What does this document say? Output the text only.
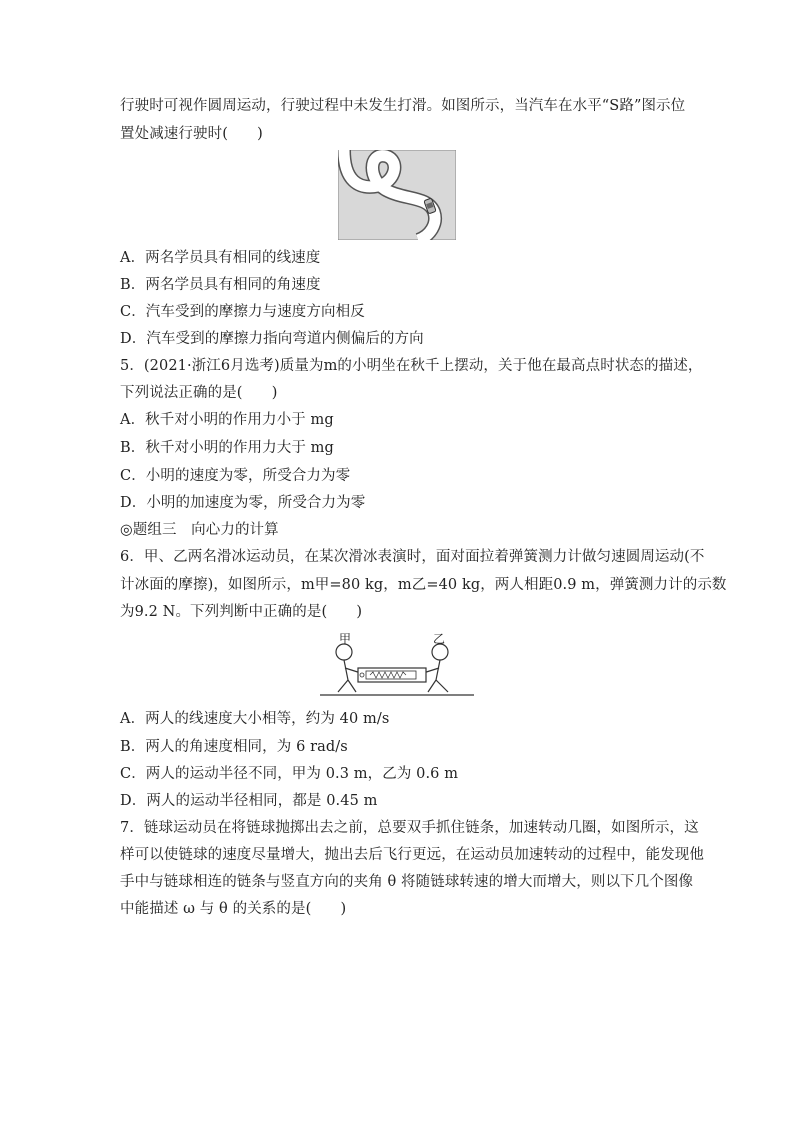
行驶时可视作圆周运动，行驶过程中未发生打滑。如图所示，当汽车在水平“S路”图示位
置处减速行驶时(　　)
A．两名学员具有相同的线速度
B．两名学员具有相同的角速度
C．汽车受到的摩擦力与速度方向相反
D．汽车受到的摩擦力指向弯道内侧偏后的方向
5．(2021·浙江6月选考)质量为m的小明坐在秋千上摆动，关于他在最高点时状态的描述，
下列说法正确的是(　　)
A．秋千对小明的作用力小于 mg
B．秋千对小明的作用力大于 mg
C．小明的速度为零，所受合力为零
D．小明的加速度为零，所受合力为零
◎题组三　向心力的计算
6．甲、乙两名滑冰运动员，在某次滑冰表演时，面对面拉着弹簧测力计做匀速圆周运动(不
计冰面的摩擦)，如图所示，m甲=80 kg，m乙=40 kg，两人相距0.9 m，弹簧测力计的示数
为9.2 N。下列判断中正确的是(　　)
甲	乙
A．两人的线速度大小相等，约为 40 m/s
B．两人的角速度相同，为 6 rad/s
C．两人的运动半径不同，甲为 0.3 m，乙为 0.6 m
D．两人的运动半径相同，都是 0.45 m
7．链球运动员在将链球抛掷出去之前，总要双手抓住链条，加速转动几圈，如图所示，这
样可以使链球的速度尽量增大，抛出去后飞行更远，在运动员加速转动的过程中，能发现他
手中与链球相连的链条与竖直方向的夹角 θ 将随链球转速的增大而增大，则以下几个图像
中能描述 ω 与 θ 的关系的是(　　)
